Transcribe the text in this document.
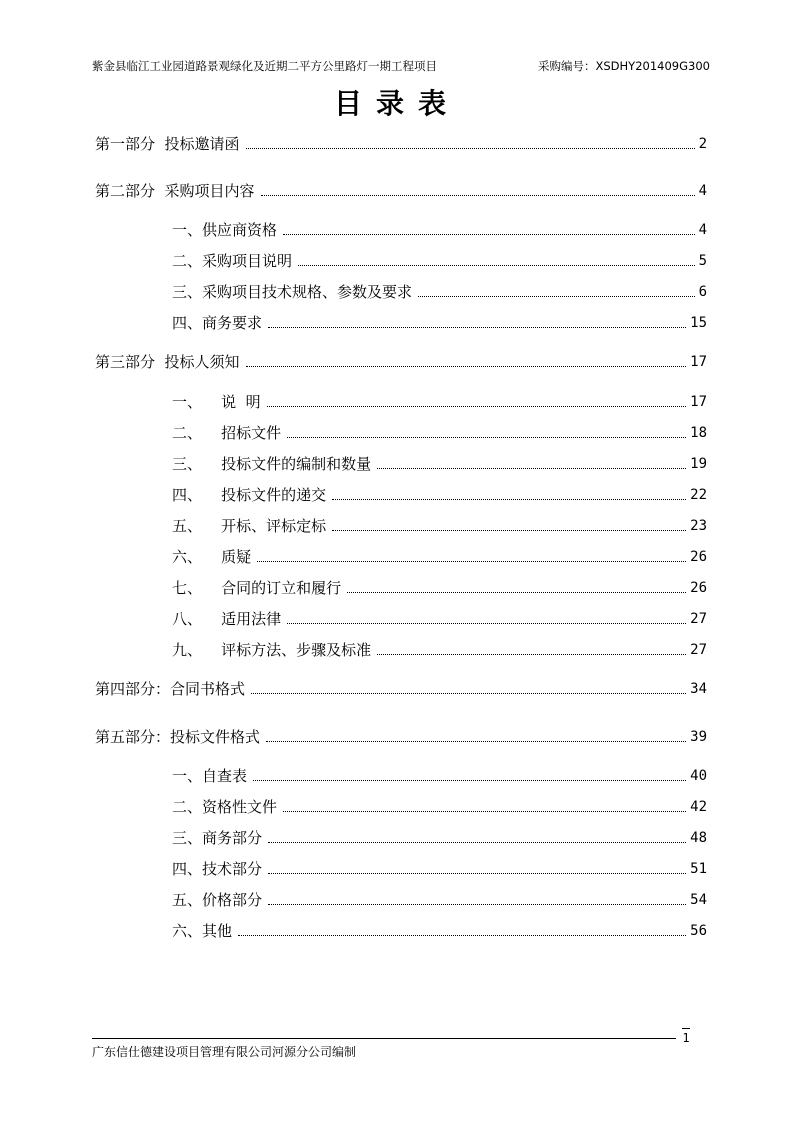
紫金县临江工业园道路景观绿化及近期二平方公里路灯一期工程项目	采购编号：XSDHY201409G300
目录表
第一部分  投标邀请函	2
第二部分  采购项目内容	4
一、供应商资格	4
二、采购项目说明	5
三、采购项目技术规格、参数及要求	6
四、商务要求	15
第三部分  投标人须知	17
一、    说  明	17
二、    招标文件	18
三、    投标文件的编制和数量	19
四、    投标文件的递交	22
五、    开标、评标定标	23
六、    质疑	26
七、    合同的订立和履行	26
八、    适用法律	27
九、    评标方法、步骤及标准	27
第四部分：合同书格式	34
第五部分：投标文件格式	39
一、自查表	40
二、资格性文件	42
三、商务部分	48
四、技术部分	51
五、价格部分	54
六、其他	56
广东信仕德建设项目管理有限公司河源分公司编制
1
